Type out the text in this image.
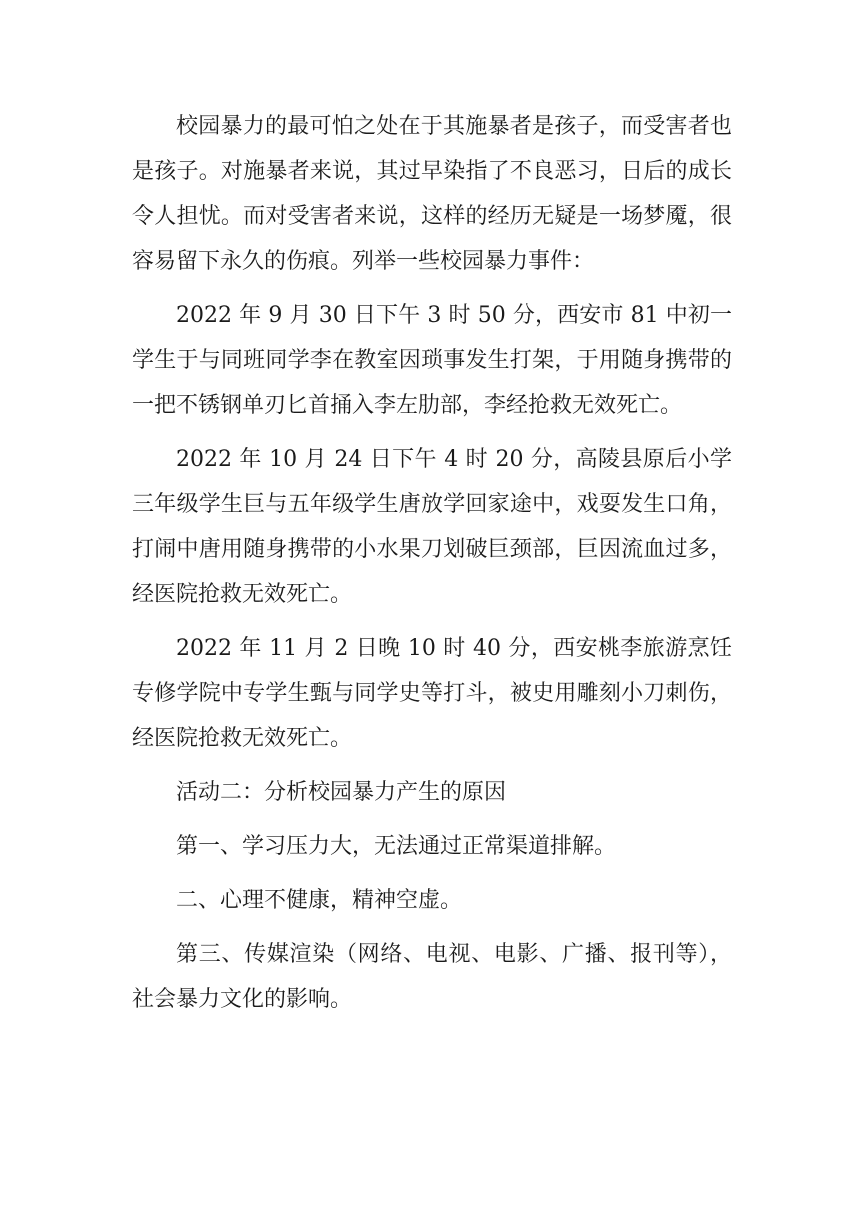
校园暴力的最可怕之处在于其施暴者是孩子，而受害者也是孩子。对施暴者来说，其过早染指了不良恶习，日后的成长令人担忧。而对受害者来说，这样的经历无疑是一场梦魇，很容易留下永久的伤痕。列举一些校园暴力事件：

2022 年 9 月 30 日下午 3 时 50 分，西安市 81 中初一学生于与同班同学李在教室因琐事发生打架，于用随身携带的一把不锈钢单刃匕首捅入李左肋部，李经抢救无效死亡。

2022 年 10 月 24 日下午 4 时 20 分，高陵县原后小学三年级学生巨与五年级学生唐放学回家途中，戏耍发生口角，打闹中唐用随身携带的小水果刀划破巨颈部，巨因流血过多，经医院抢救无效死亡。

2022 年 11 月 2 日晚 10 时 40 分，西安桃李旅游烹饪专修学院中专学生甄与同学史等打斗，被史用雕刻小刀刺伤，经医院抢救无效死亡。

活动二：分析校园暴力产生的原因

第一、学习压力大，无法通过正常渠道排解。

二、心理不健康，精神空虚。

第三、传媒渲染（网络、电视、电影、广播、报刊等），社会暴力文化的影响。
